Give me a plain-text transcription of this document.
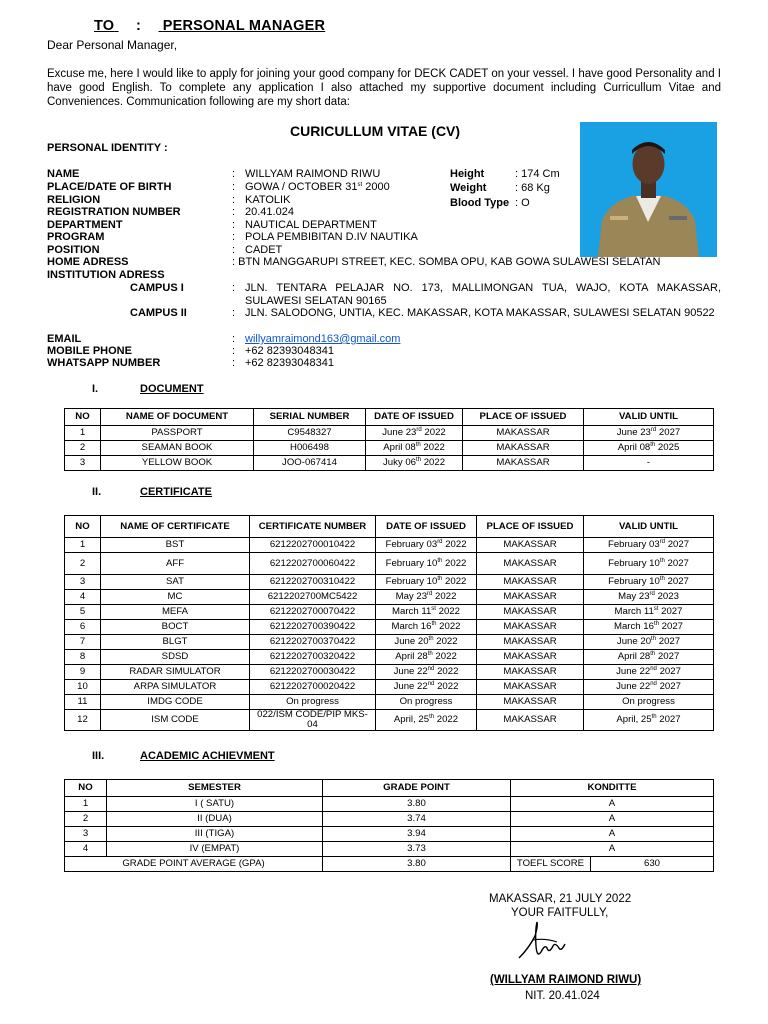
TO : PERSONAL MANAGER
Dear Personal Manager,
Excuse me, here I would like to apply for joining your good company for DECK CADET on your vessel. I have good Personality and I have good English. To complete any application I also attached my supportive document including Curricullum Vitae and Conveniences. Communication following are my short data:
CURICULLUM VITAE (CV)
PERSONAL IDENTITY :
NAME	: WILLYAM RAIMOND RIWU
PLACE/DATE OF BIRTH	: GOWA / OCTOBER 31st 2000
RELIGION	: KATOLIK
REGISTRATION NUMBER	: 20.41.024
DEPARTMENT	: NAUTICAL DEPARTMENT
PROGRAM	: POLA PEMBIBITAN D.IV NAUTIKA
POSITION	: CADET
HOME ADRESS	: BTN MANGGARUPI STREET, KEC. SOMBA OPU, KAB GOWA SULAWESI SELATAN
INSTITUTION ADRESS
CAMPUS I	: JLN. TENTARA PELAJAR NO. 173, MALLIMONGAN TUA, WAJO, KOTA MAKASSAR, SULAWESI SELATAN 90165
CAMPUS II	: JLN. SALODONG, UNTIA, KEC. MAKASSAR, KOTA MAKASSAR, SULAWESI SELATAN 90522
EMAIL	: willyamraimond163@gmail.com
MOBILE PHONE	: +62 82393048341
WHATSAPP NUMBER	: +62 82393048341
Height	: 174 Cm
Weight	: 68 Kg
Blood Type : O
I.	DOCUMENT
NO	NAME OF DOCUMENT	SERIAL NUMBER	DATE OF ISSUED	PLACE OF ISSUED	VALID UNTIL
1	PASSPORT	C9548327	June 23rd 2022	MAKASSAR	June 23rd 2027
2	SEAMAN BOOK	H006498	April 08th 2022	MAKASSAR	April 08th 2025
3	YELLOW BOOK	JOO-067414	Juky 06th 2022	MAKASSAR	-
II.	CERTIFICATE
NO	NAME OF CERTIFICATE	CERTIFICATE NUMBER	DATE OF ISSUED	PLACE OF ISSUED	VALID UNTIL
1	BST	6212202700010422	February 03rd 2022	MAKASSAR	February 03rd 2027
2	AFF	6212202700060422	February 10th 2022	MAKASSAR	February 10th 2027
3	SAT	6212202700310422	February 10th 2022	MAKASSAR	February 10th 2027
4	MC	6212202700MC5422	May 23rd 2022	MAKASSAR	May 23rd 2023
5	MEFA	6212202700070422	March 11st 2022	MAKASSAR	March 11st 2027
6	BOCT	6212202700390422	March 16th 2022	MAKASSAR	March 16th 2027
7	BLGT	6212202700370422	June 20th 2022	MAKASSAR	June 20th 2027
8	SDSD	6212202700320422	April 28th 2022	MAKASSAR	April 28th 2027
9	RADAR SIMULATOR	6212202700030422	June 22nd 2022	MAKASSAR	June 22nd 2027
10	ARPA SIMULATOR	6212202700020422	June 22nd 2022	MAKASSAR	June 22nd 2027
11	IMDG CODE	On progress	On progress	MAKASSAR	On progress
12	ISM CODE	022/ISM CODE/PIP MKS-04	April, 25th 2022	MAKASSAR	April, 25th 2027
III.	ACADEMIC ACHIEVMENT
NO	SEMESTER	GRADE POINT	KONDITTE	
1	I ( SATU)	3.80	A	
2	II (DUA)	3.74	A	
3	III (TIGA)	3.94	A	
4	IV (EMPAT)	3.73	A	
GRADE POINT AVERAGE (GPA)		3.80	TOEFL SCORE	630
MAKASSAR, 21 JULY 2022
YOUR FAITFULLY,
(WILLYAM RAIMOND RIWU)
NIT. 20.41.024
